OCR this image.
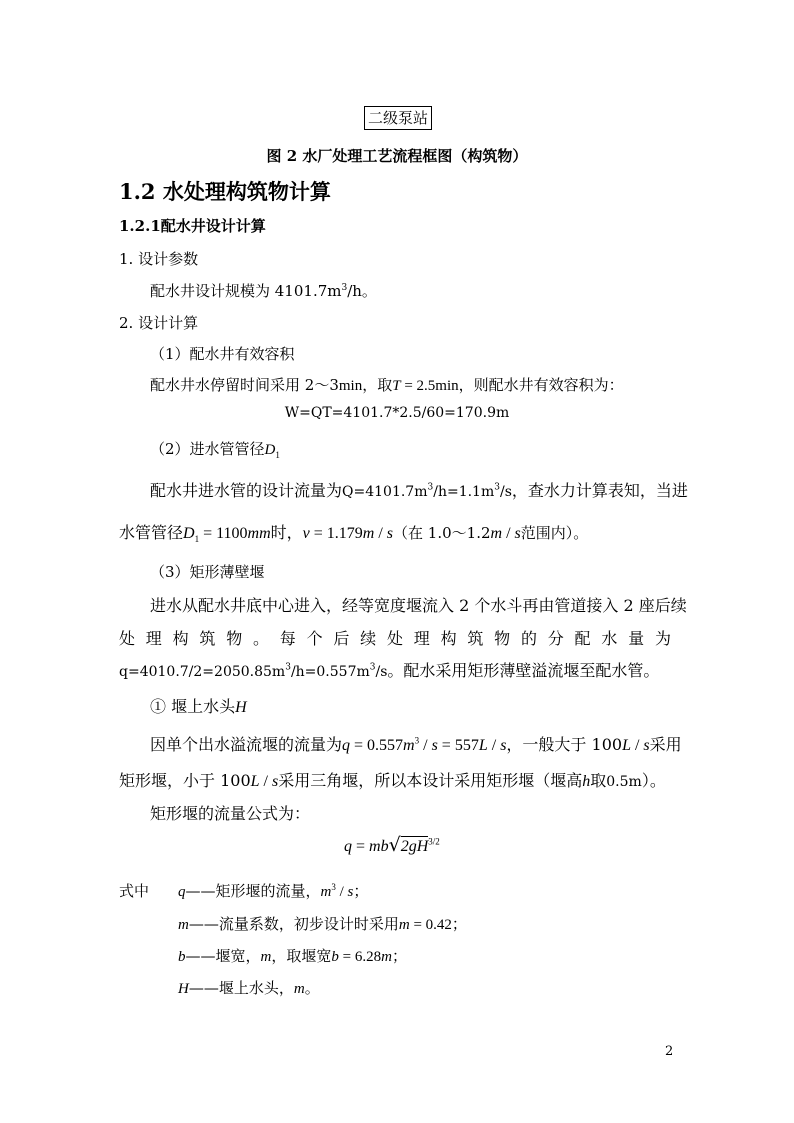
二级泵站
图 2 水厂处理工艺流程框图（构筑物）
1.2 水处理构筑物计算
1.2.1配水井设计计算
1. 设计参数
配水井设计规模为 $4101.7m^3/h$。
2. 设计计算
（1）配水井有效容积
配水井水停留时间采用 2～3min，取T = 2.5min，则配水井有效容积为：
W=QT=4101.7*2.5/60=170.9m
（2）进水管管径$D_1$
配水井进水管的设计流量为$Q=4101.7m^3/h=1.1m^3/s$，查水力计算表知，当进
水管管径$D_1 = 1100mm$时，v = 1.179m / s（在 1.0～1.2m / s范围内）。
（3）矩形薄壁堰
进水从配水井底中心进入，经等宽度堰流入 2 个水斗再由管道接入 2 座后续
处 理 构 筑 物 。 每 个 后 续 处 理 构 筑 物 的 分 配 水 量 为
$q=4010.7/2=2050.85m^3/h=0.557m^3/s$。配水采用矩形薄壁溢流堰至配水管。
① 堰上水头H
因单个出水溢流堰的流量为$q = 0.557m^3 / s = 557L / s$，一般大于 100L / s采用
矩形堰，小于 100L / s采用三角堰，所以本设计采用矩形堰（堰高h取0.5m）。
矩形堰的流量公式为：
$q = mb√2gH^{3/2}$
式中 q——矩形堰的流量，$m^3$ / s；
m——流量系数，初步设计时采用m = 0.42；
b——堰宽，m，取堰宽b = 6.28m；
H——堰上水头，m。
2
